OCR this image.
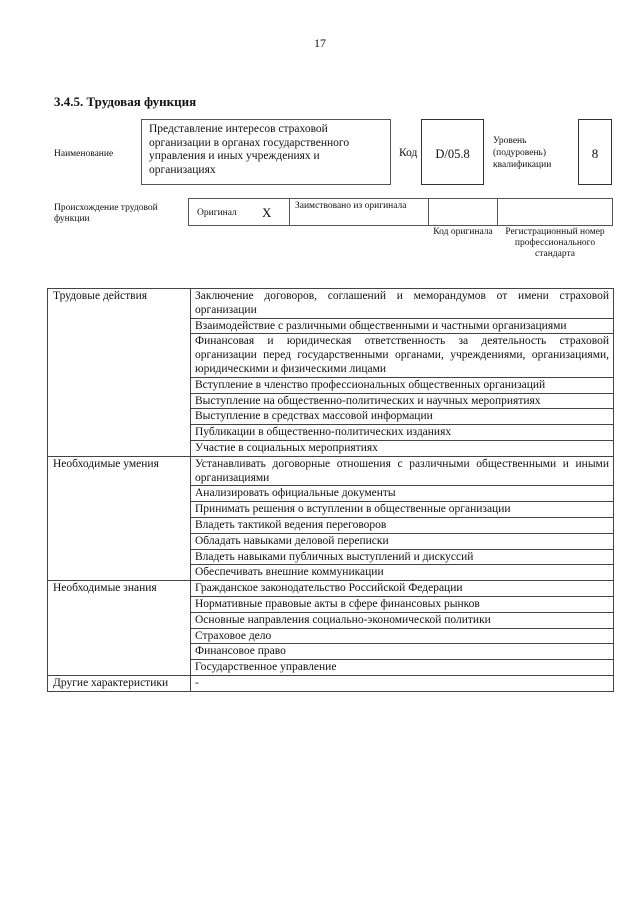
17
3.4.5. Трудовая функция
Наименование
Представление интересов страховой организации в органах государственного управления и иных учреждениях и организациях
Код	D/05.8
Уровень (подуровень) квалификации
8
Происхождение трудовой функции
Оригинал X	Заимствовано из оригинала
Код оригинала	Регистрационный номер профессионального стандарта
Трудовые действия	Заключение договоров, соглашений и меморандумов от имени страховой организации
	Взаимодействие с различными общественными и частными организациями
	Финансовая и юридическая ответственность за деятельность страховой организации перед государственными органами, учреждениями, организациями, юридическими и физическими лицами
	Вступление в членство профессиональных общественных организаций
	Выступление на общественно-политических и научных мероприятиях
	Выступление в средствах массовой информации
	Публикации в общественно-политических изданиях
	Участие в социальных мероприятиях
Необходимые умения	Устанавливать договорные отношения с различными общественными и иными организациями
	Анализировать официальные документы
	Принимать решения о вступлении в общественные организации
	Владеть тактикой ведения переговоров
	Обладать навыками деловой переписки
	Владеть навыками публичных выступлений и дискуссий
	Обеспечивать внешние коммуникации
Необходимые знания	Гражданское законодательство Российской Федерации
	Нормативные правовые акты в сфере финансовых рынков
	Основные направления социально-экономической политики
	Страховое дело
	Финансовое право
	Государственное управление
Другие характеристики	-
